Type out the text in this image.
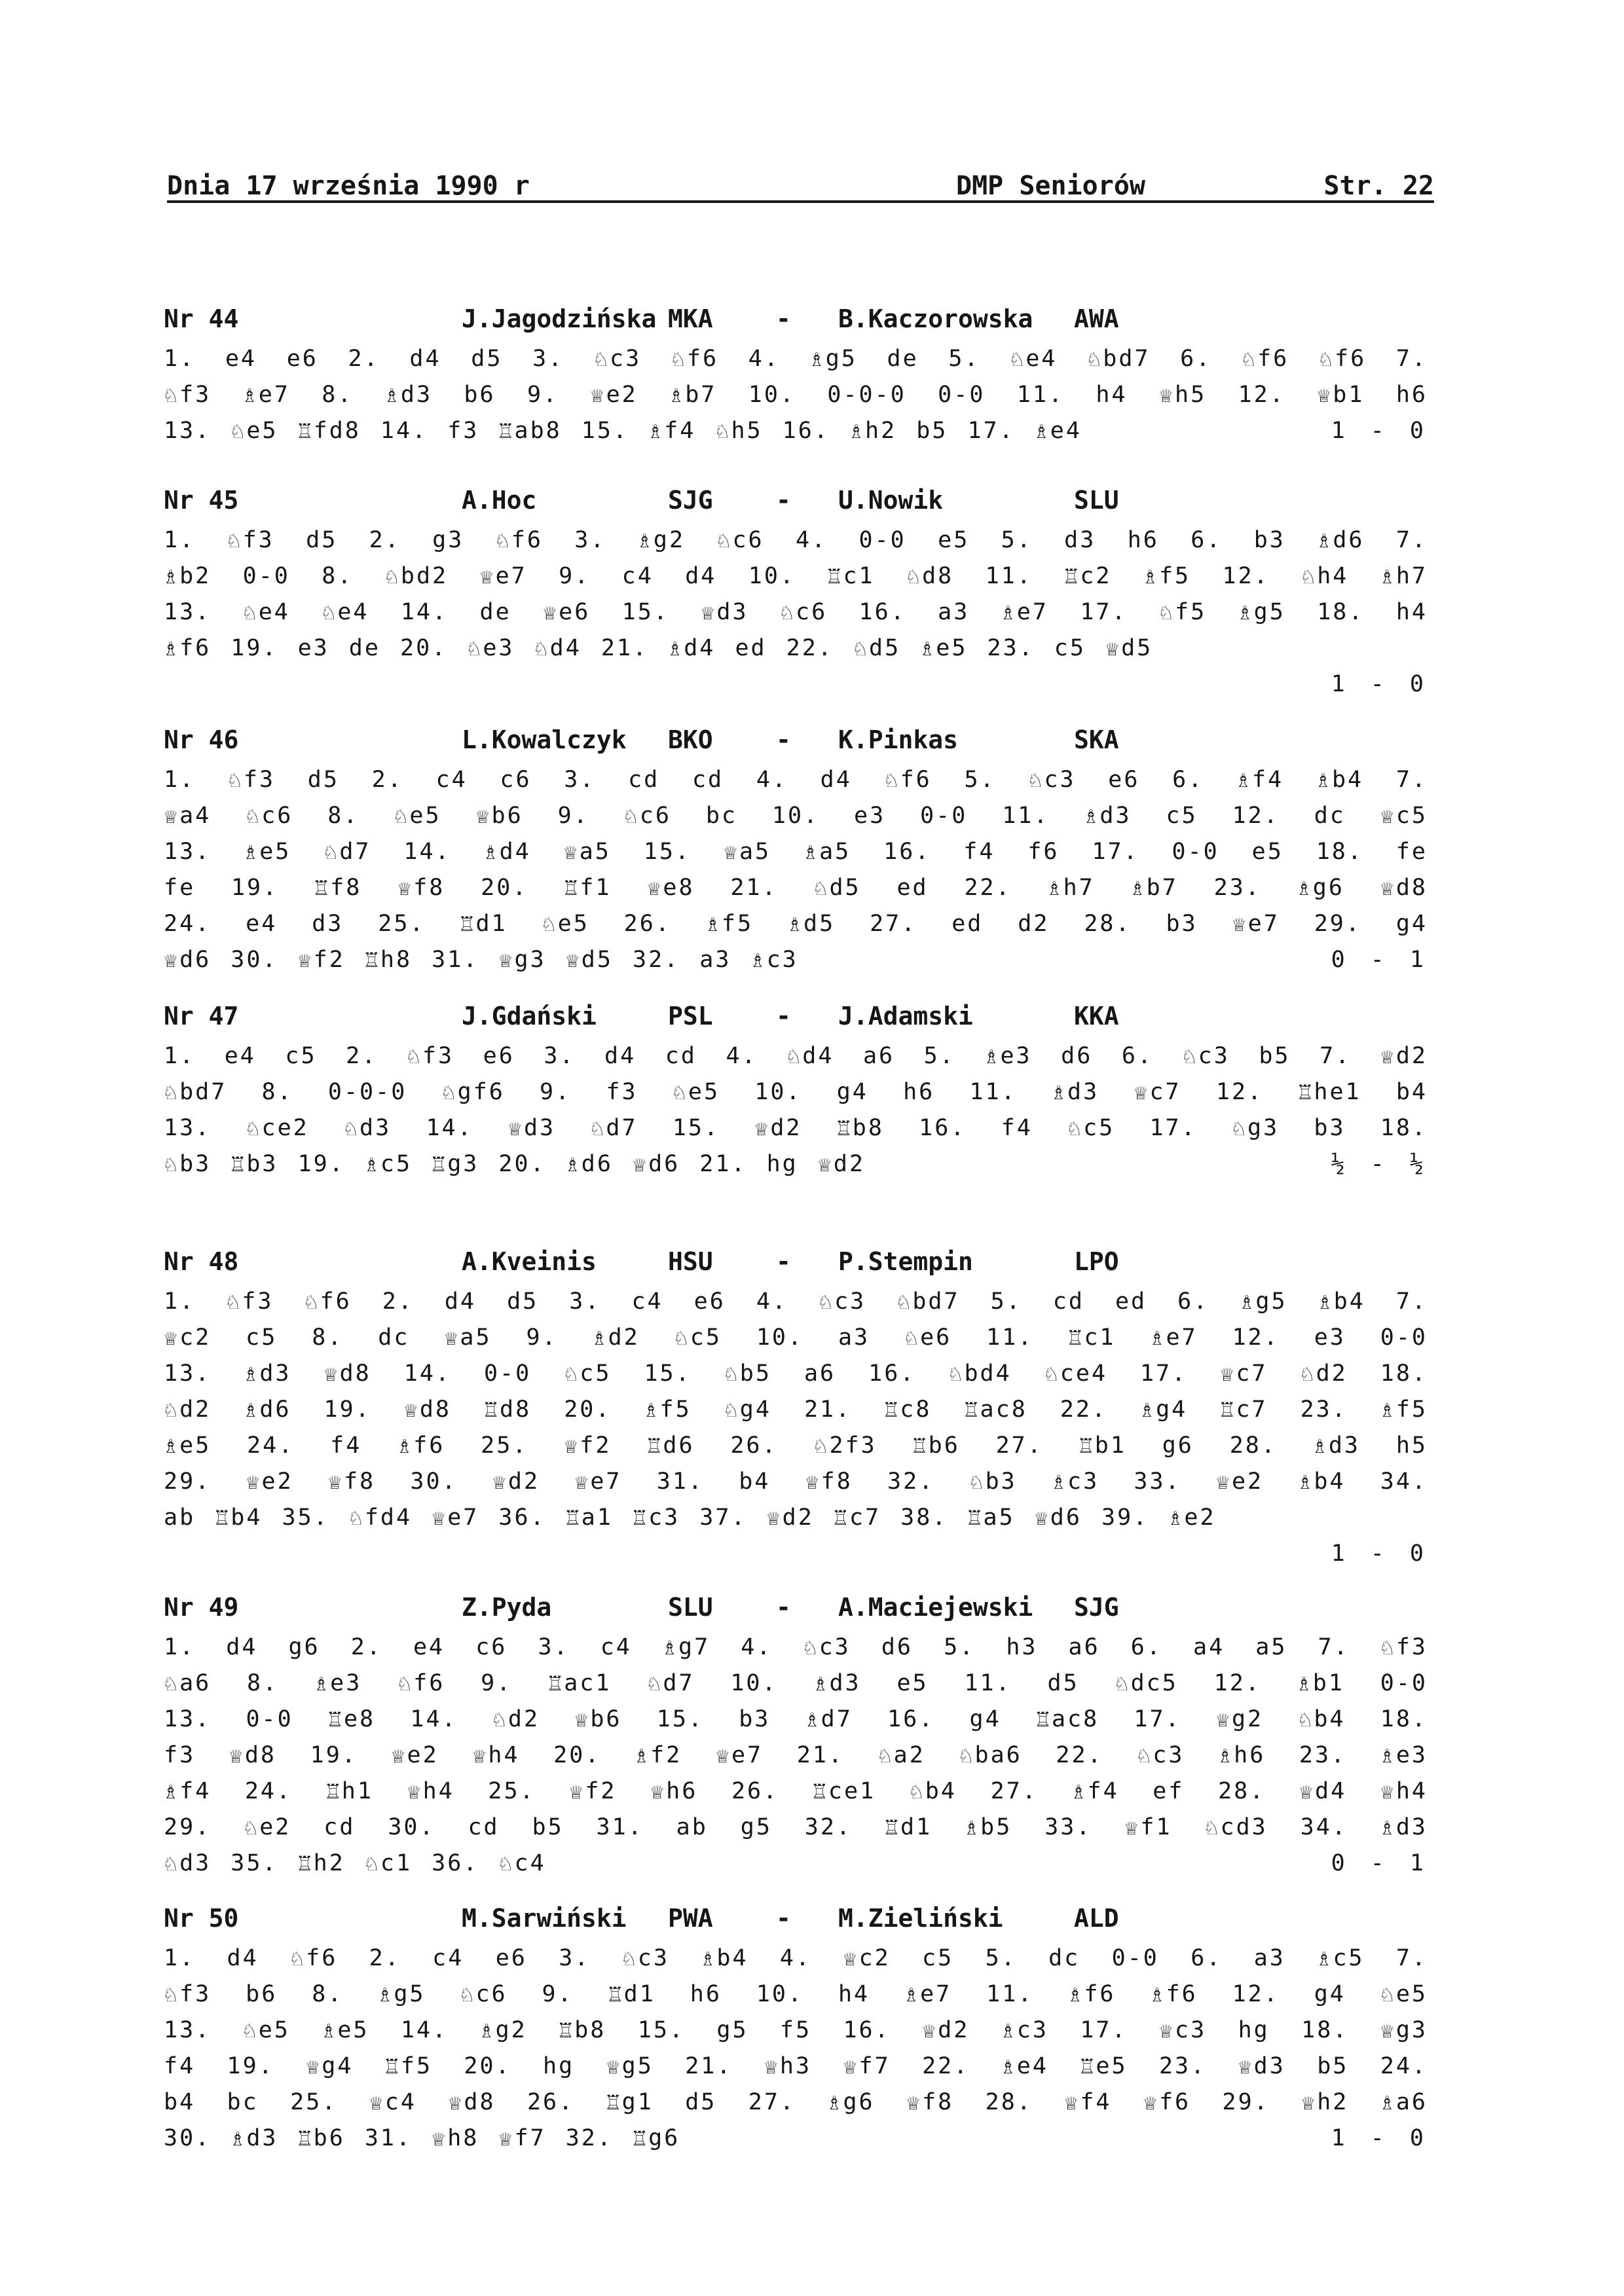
Dnia 17 września 1990 r	DMP Seniorów	Str. 22
Nr 44	J.Jagodzińska MKA	- B.Kaczorowska AWA
1. e4 e6 2. d4 d5 3. ♘c3 ♘f6 4. ♗g5 de 5. ♘e4 ♘bd7 6. ♘f6 ♘f6 7.
♘f3 ♗e7 8. ♗d3 b6 9. ♕e2 ♗b7 10. 0-0-0 0-0 11. h4 ♕h5 12. ♕b1 h6
1 - 0
13. ♘e5 ♖fd8 14. f3 ♖ab8 15. ♗f4 ♘h5 16. ♗h2 b5 17. ♗e4
Nr 45	A.Hoc	SJG	- U.Nowik	SLU
1. ♘f3 d5 2. g3 ♘f6 3. ♗g2 ♘c6 4. 0-0 e5 5. d3 h6 6. b3 ♗d6 7.
♗b2 0-0 8. ♘bd2 ♕e7 9. c4 d4 10. ♖c1 ♘d8 11. ♖c2 ♗f5 12. ♘h4 ♗h7
13. ♘e4 ♘e4 14. de ♕e6 15. ♕d3 ♘c6 16. a3 ♗e7 17. ♘f5 ♗g5 18. h4
♗f6 19. e3 de 20. ♘e3 ♘d4 21. ♗d4 ed 22. ♘d5 ♗e5 23. c5 ♕d5
1 - 0
Nr 46	L.Kowalczyk BKO	- K.Pinkas	SKA
1. ♘f3 d5 2. c4 c6 3. cd cd 4. d4 ♘f6 5. ♘c3 e6 6. ♗f4 ♗b4 7.
♕a4 ♘c6 8. ♘e5 ♕b6 9. ♘c6 bc 10. e3 0-0 11. ♗d3 c5 12. dc ♕c5
13. ♗e5 ♘d7 14. ♗d4 ♕a5 15. ♕a5 ♗a5 16. f4 f6 17. 0-0 e5 18. fe
fe 19. ♖f8 ♕f8 20. ♖f1 ♕e8 21. ♘d5 ed 22. ♗h7 ♗b7 23. ♗g6 ♕d8
24. e4 d3 25. ♖d1 ♘e5 26. ♗f5 ♗d5 27. ed d2 28. b3 ♕e7 29. g4
0 - 1
♕d6 30. ♕f2 ♖h8 31. ♕g3 ♕d5 32. a3 ♗c3
Nr 47	J.Gdański	PSL	- J.Adamski	KKA
1. e4 c5 2. ♘f3 e6 3. d4 cd 4. ♘d4 a6 5. ♗e3 d6 6. ♘c3 b5 7. ♕d2
♘bd7 8. 0-0-0 ♘gf6 9. f3 ♘e5 10. g4 h6 11. ♗d3 ♕c7 12. ♖he1 b4
13. ♘ce2 ♘d3 14. ♕d3 ♘d7 15. ♕d2 ♖b8 16. f4 ♘c5 17. ♘g3 b3 18.
½ - ½
♘b3 ♖b3 19. ♗c5 ♖g3 20. ♗d6 ♕d6 21. hg ♕d2
Nr 48	A.Kveinis	HSU	- P.Stempin	LPO
1. ♘f3 ♘f6 2. d4 d5 3. c4 e6 4. ♘c3 ♘bd7 5. cd ed 6. ♗g5 ♗b4 7.
♕c2 c5 8. dc ♕a5 9. ♗d2 ♘c5 10. a3 ♘e6 11. ♖c1 ♗e7 12. e3 0-0
13. ♗d3 ♕d8 14. 0-0 ♘c5 15. ♘b5 a6 16. ♘bd4 ♘ce4 17. ♕c7 ♘d2 18.
♘d2 ♗d6 19. ♕d8 ♖d8 20. ♗f5 ♘g4 21. ♖c8 ♖ac8 22. ♗g4 ♖c7 23. ♗f5
♗e5 24. f4 ♗f6 25. ♕f2 ♖d6 26. ♘2f3 ♖b6 27. ♖b1 g6 28. ♗d3 h5
29. ♕e2 ♕f8 30. ♕d2 ♕e7 31. b4 ♕f8 32. ♘b3 ♗c3 33. ♕e2 ♗b4 34.
ab ♖b4 35. ♘fd4 ♕e7 36. ♖a1 ♖c3 37. ♕d2 ♖c7 38. ♖a5 ♕d6 39. ♗e2
1 - 0
Nr 49	Z.Pyda	SLU	- A.Maciejewski SJG
1. d4 g6 2. e4 c6 3. c4 ♗g7 4. ♘c3 d6 5. h3 a6 6. a4 a5 7. ♘f3
♘a6 8. ♗e3 ♘f6 9. ♖ac1 ♘d7 10. ♗d3 e5 11. d5 ♘dc5 12. ♗b1 0-0
13. 0-0 ♖e8 14. ♘d2 ♕b6 15. b3 ♗d7 16. g4 ♖ac8 17. ♕g2 ♘b4 18.
f3 ♕d8 19. ♕e2 ♕h4 20. ♗f2 ♕e7 21. ♘a2 ♘ba6 22. ♘c3 ♗h6 23. ♗e3
♗f4 24. ♖h1 ♕h4 25. ♕f2 ♕h6 26. ♖ce1 ♘b4 27. ♗f4 ef 28. ♕d4 ♕h4
29. ♘e2 cd 30. cd b5 31. ab g5 32. ♖d1 ♗b5 33. ♕f1 ♘cd3 34. ♗d3
0 - 1
♘d3 35. ♖h2 ♘c1 36. ♘c4
Nr 50	M.Sarwiński PWA	- M.Zieliński	ALD
1. d4 ♘f6 2. c4 e6 3. ♘c3 ♗b4 4. ♕c2 c5 5. dc 0-0 6. a3 ♗c5 7.
♘f3 b6 8. ♗g5 ♘c6 9. ♖d1 h6 10. h4 ♗e7 11. ♗f6 ♗f6 12. g4 ♘e5
13. ♘e5 ♗e5 14. ♗g2 ♖b8 15. g5 f5 16. ♕d2 ♗c3 17. ♕c3 hg 18. ♕g3
f4 19. ♕g4 ♖f5 20. hg ♕g5 21. ♕h3 ♕f7 22. ♗e4 ♖e5 23. ♕d3 b5 24.
b4 bc 25. ♕c4 ♕d8 26. ♖g1 d5 27. ♗g6 ♕f8 28. ♕f4 ♕f6 29. ♕h2 ♗a6
1 - 0
30. ♗d3 ♖b6 31. ♕h8 ♕f7 32. ♖g6
